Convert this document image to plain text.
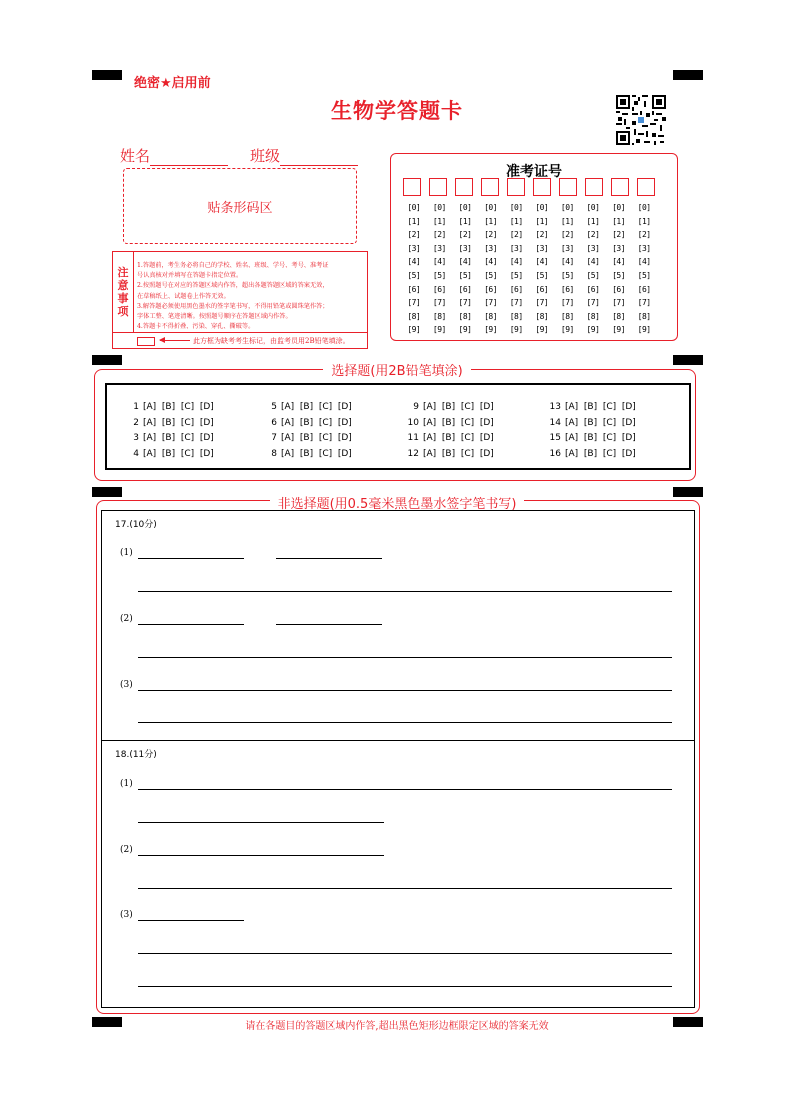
绝密★启用前
生物学答题卡
姓名	班级
贴条形码区
注
意
事
项
1.答题前，考生务必将自己的学校、姓名、班级、学号、考号、准考证
号认真核对并填写在答题卡指定位置。
2.按照题号在对应的答题区域内作答，超出各题答题区域的答案无效，
在草稿纸上、试题卷上作答无效。
3.解答题必须使用黑色墨水的签字笔书写，不得用铅笔或圆珠笔作答；
字体工整、笔迹清晰。按照题号顺序在答题区域内作答。
4.答题卡不得折叠、污染、穿孔、撕破等。
此方框为缺考考生标记，由监考员用2B铅笔填涂。
准考证号
[0]
[1]
[2]
[3]
[4]
[5]
[6]
[7]
[8]
[9]
[0]
[1]
[2]
[3]
[4]
[5]
[6]
[7]
[8]
[9]
[0]
[1]
[2]
[3]
[4]
[5]
[6]
[7]
[8]
[9]
[0]
[1]
[2]
[3]
[4]
[5]
[6]
[7]
[8]
[9]
[0]
[1]
[2]
[3]
[4]
[5]
[6]
[7]
[8]
[9]
[0]
[1]
[2]
[3]
[4]
[5]
[6]
[7]
[8]
[9]
[0]
[1]
[2]
[3]
[4]
[5]
[6]
[7]
[8]
[9]
[0]
[1]
[2]
[3]
[4]
[5]
[6]
[7]
[8]
[9]
[0]
[1]
[2]
[3]
[4]
[5]
[6]
[7]
[8]
[9]
[0]
[1]
[2]
[3]
[4]
[5]
[6]
[7]
[8]
[9]
选择题(用2B铅笔填涂)
1 [A]  [B]  [C]  [D]
2 [A]  [B]  [C]  [D]
3 [A]  [B]  [C]  [D]
4 [A]  [B]  [C]  [D]
5 [A]  [B]  [C]  [D]
6 [A]  [B]  [C]  [D]
7 [A]  [B]  [C]  [D]
8 [A]  [B]  [C]  [D]
9 [A]  [B]  [C]  [D]
10 [A]  [B]  [C]  [D]
11 [A]  [B]  [C]  [D]
12 [A]  [B]  [C]  [D]
13 [A]  [B]  [C]  [D]
14 [A]  [B]  [C]  [D]
15 [A]  [B]  [C]  [D]
16 [A]  [B]  [C]  [D]
非选择题(用0.5毫米黑色墨水签字笔书写)
17.(10分)
(1)
(2)
(3)
18.(11分)
(1)
(2)
(3)
请在各题目的答题区域内作答,超出黑色矩形边框限定区域的答案无效
